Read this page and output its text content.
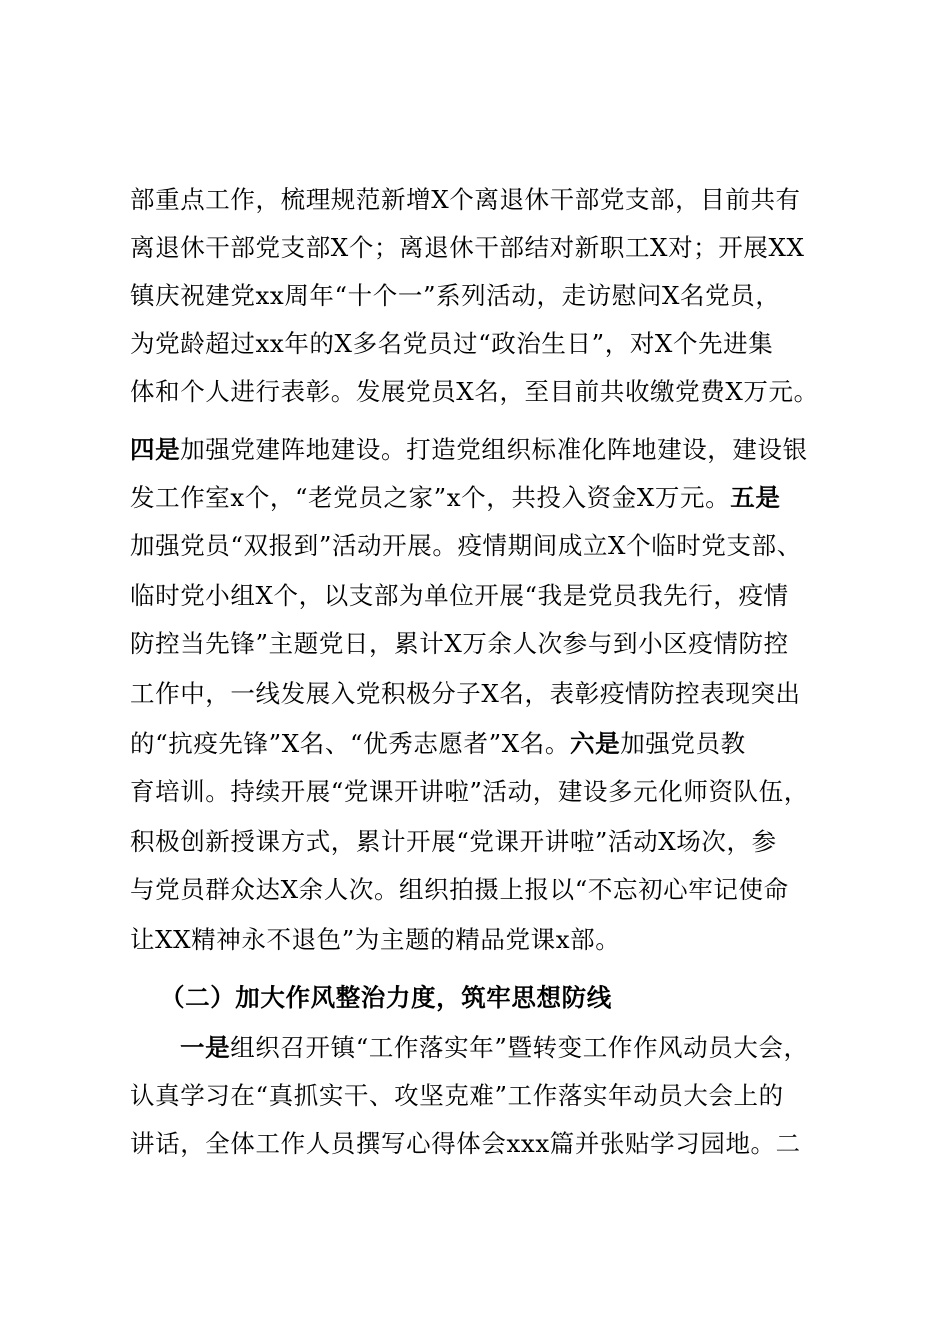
部重点工作，梳理规范新增X个离退休干部党支部，目前共有
离退休干部党支部X个；离退休干部结对新职工X对；开展XX
镇庆祝建党xx周年“十个一”系列活动，走访慰问X名党员，
为党龄超过xx年的X多名党员过“政治生日”，对X个先进集
体和个人进行表彰。发展党员X名，至目前共收缴党费X万元。
四是加强党建阵地建设。打造党组织标准化阵地建设，建设银
发工作室x个，“老党员之家”x个，共投入资金X万元。五是
加强党员“双报到”活动开展。疫情期间成立X个临时党支部、
临时党小组X个，以支部为单位开展“我是党员我先行，疫情
防控当先锋”主题党日，累计X万余人次参与到小区疫情防控
工作中，一线发展入党积极分子X名，表彰疫情防控表现突出
的“抗疫先锋”X名、“优秀志愿者”X名。六是加强党员教
育培训。持续开展“党课开讲啦”活动，建设多元化师资队伍，
积极创新授课方式，累计开展“党课开讲啦”活动X场次，参
与党员群众达X余人次。组织拍摄上报以“不忘初心牢记使命
让XX精神永不退色”为主题的精品党课x部。
（二）加大作风整治力度，筑牢思想防线
一是组织召开镇“工作落实年”暨转变工作作风动员大会，
认真学习在“真抓实干、攻坚克难”工作落实年动员大会上的
讲话，全体工作人员撰写心得体会xxx篇并张贴学习园地。二
